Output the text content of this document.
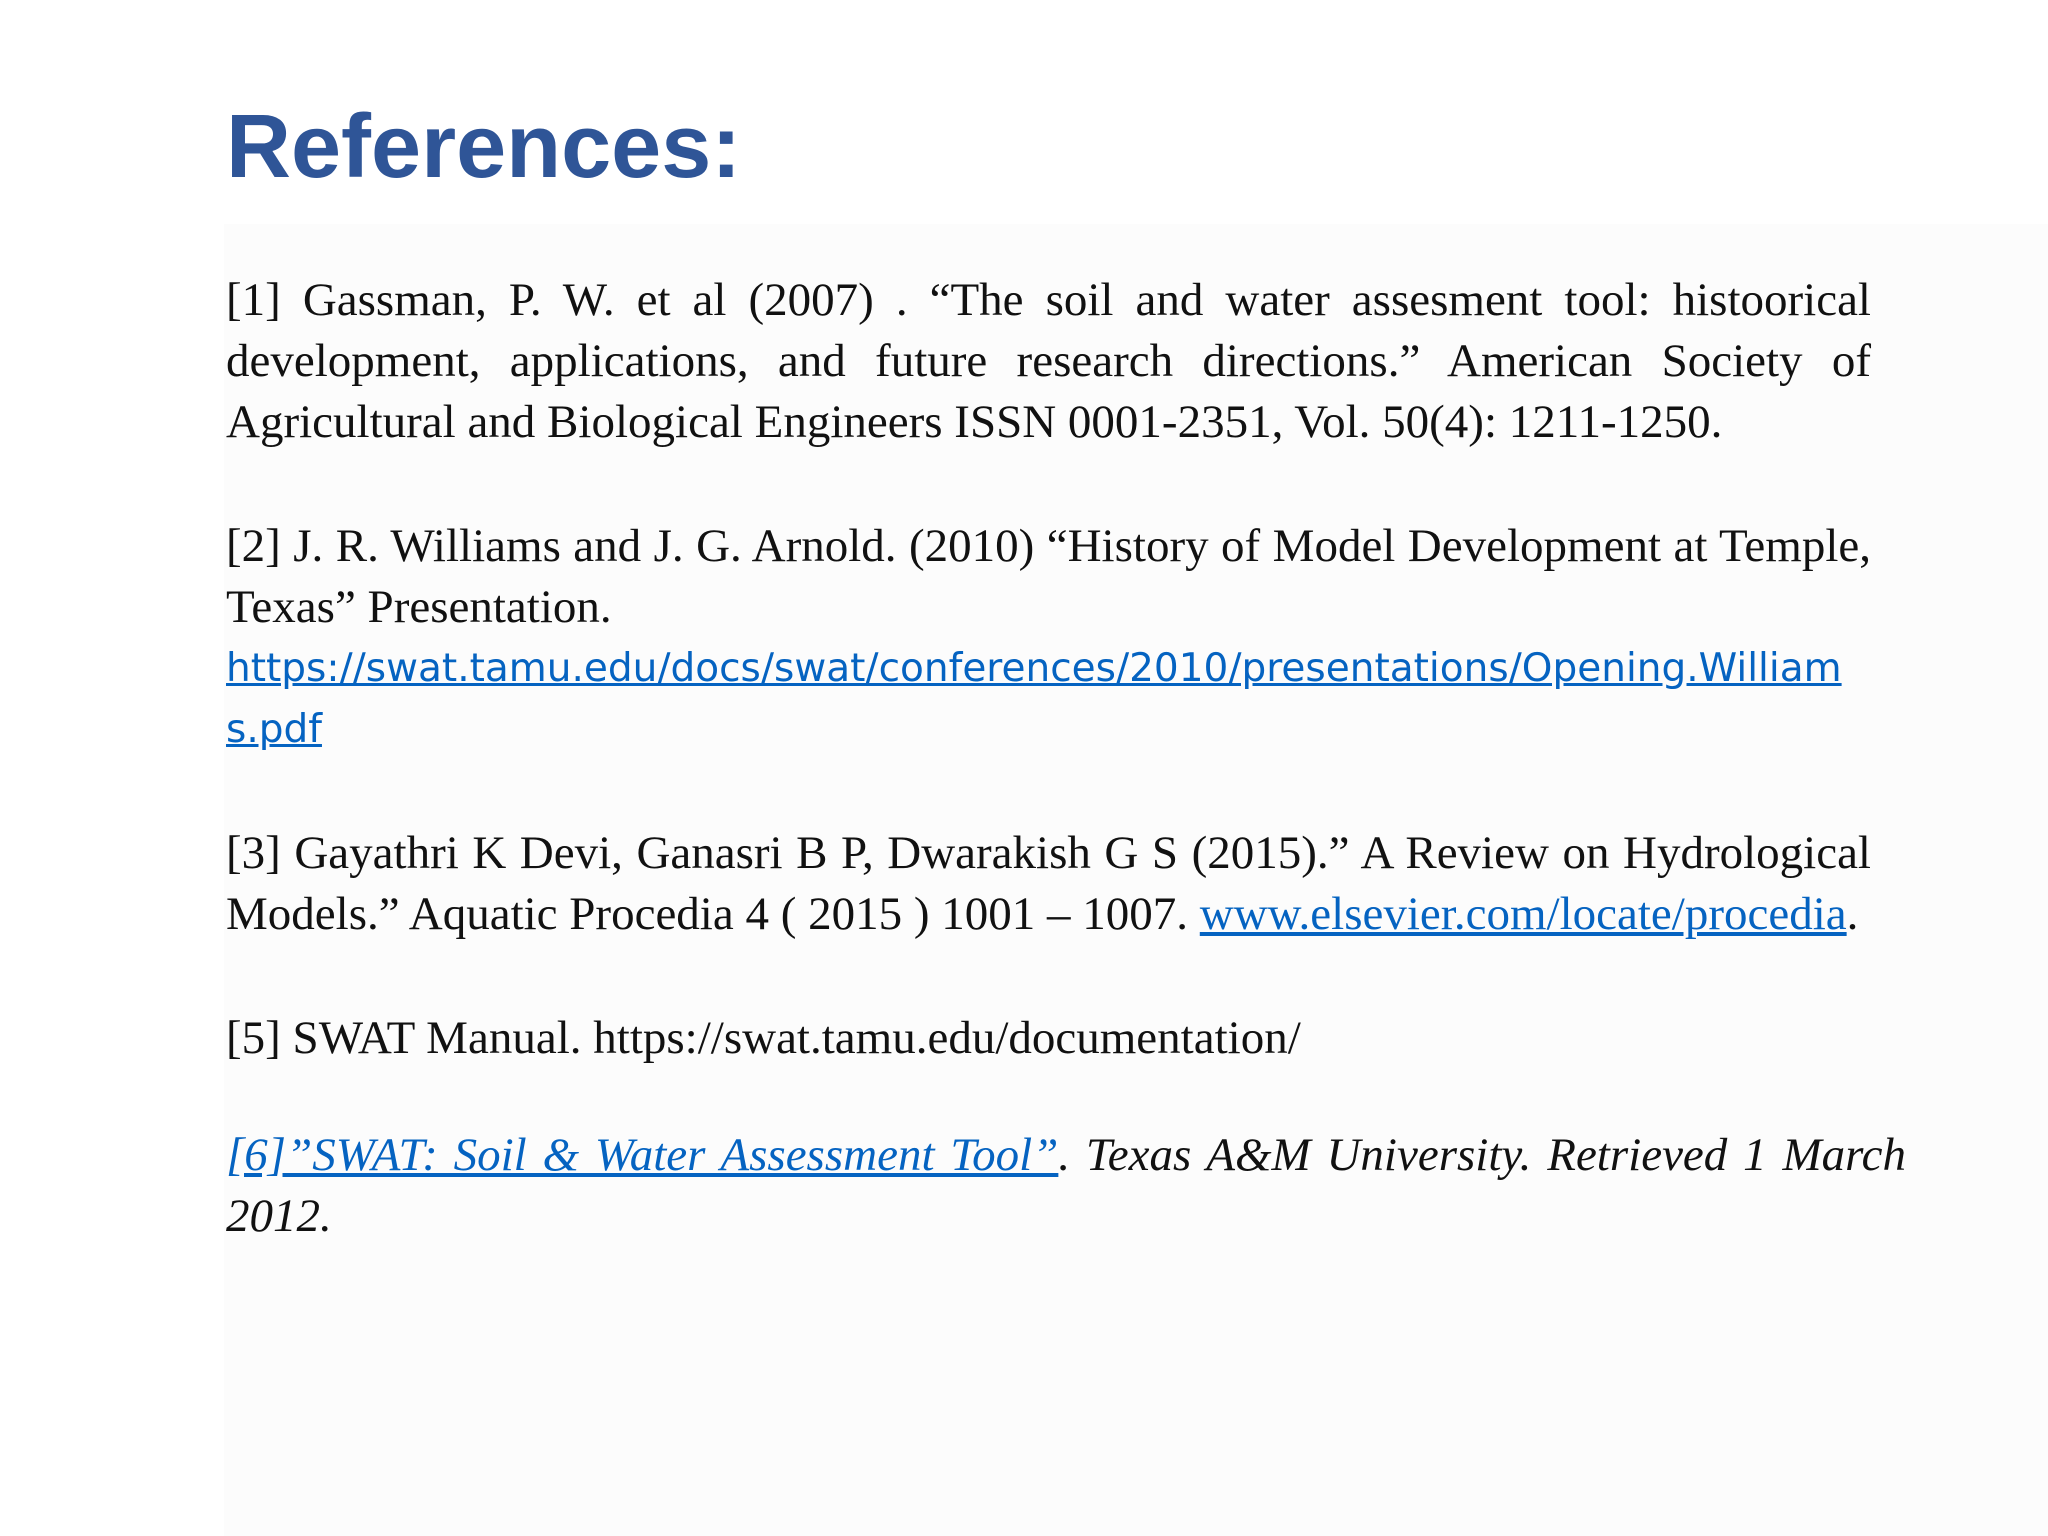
References:

[1] Gassman, P. W. et al (2007) . “The soil and water assesment tool: histoorical development, applications, and future research directions.” American Society of Agricultural and Biological Engineers ISSN 0001-2351, Vol. 50(4): 1211-1250.

[2] J. R. Williams and J. G. Arnold. (2010) “History of Model Development at Temple, Texas” Presentation.

https://swat.tamu.edu/docs/swat/conferences/2010/presentations/Opening.Williams.pdf

[3] Gayathri K Devi, Ganasri B P, Dwarakish G S (2015).” A Review on Hydrological Models.” Aquatic Procedia 4 ( 2015 ) 1001 – 1007. www.elsevier.com/locate/procedia.

[5] SWAT Manual. https://swat.tamu.edu/documentation/

[6]”SWAT: Soil & Water Assessment Tool”. Texas A&M University. Retrieved 1 March 2012.
